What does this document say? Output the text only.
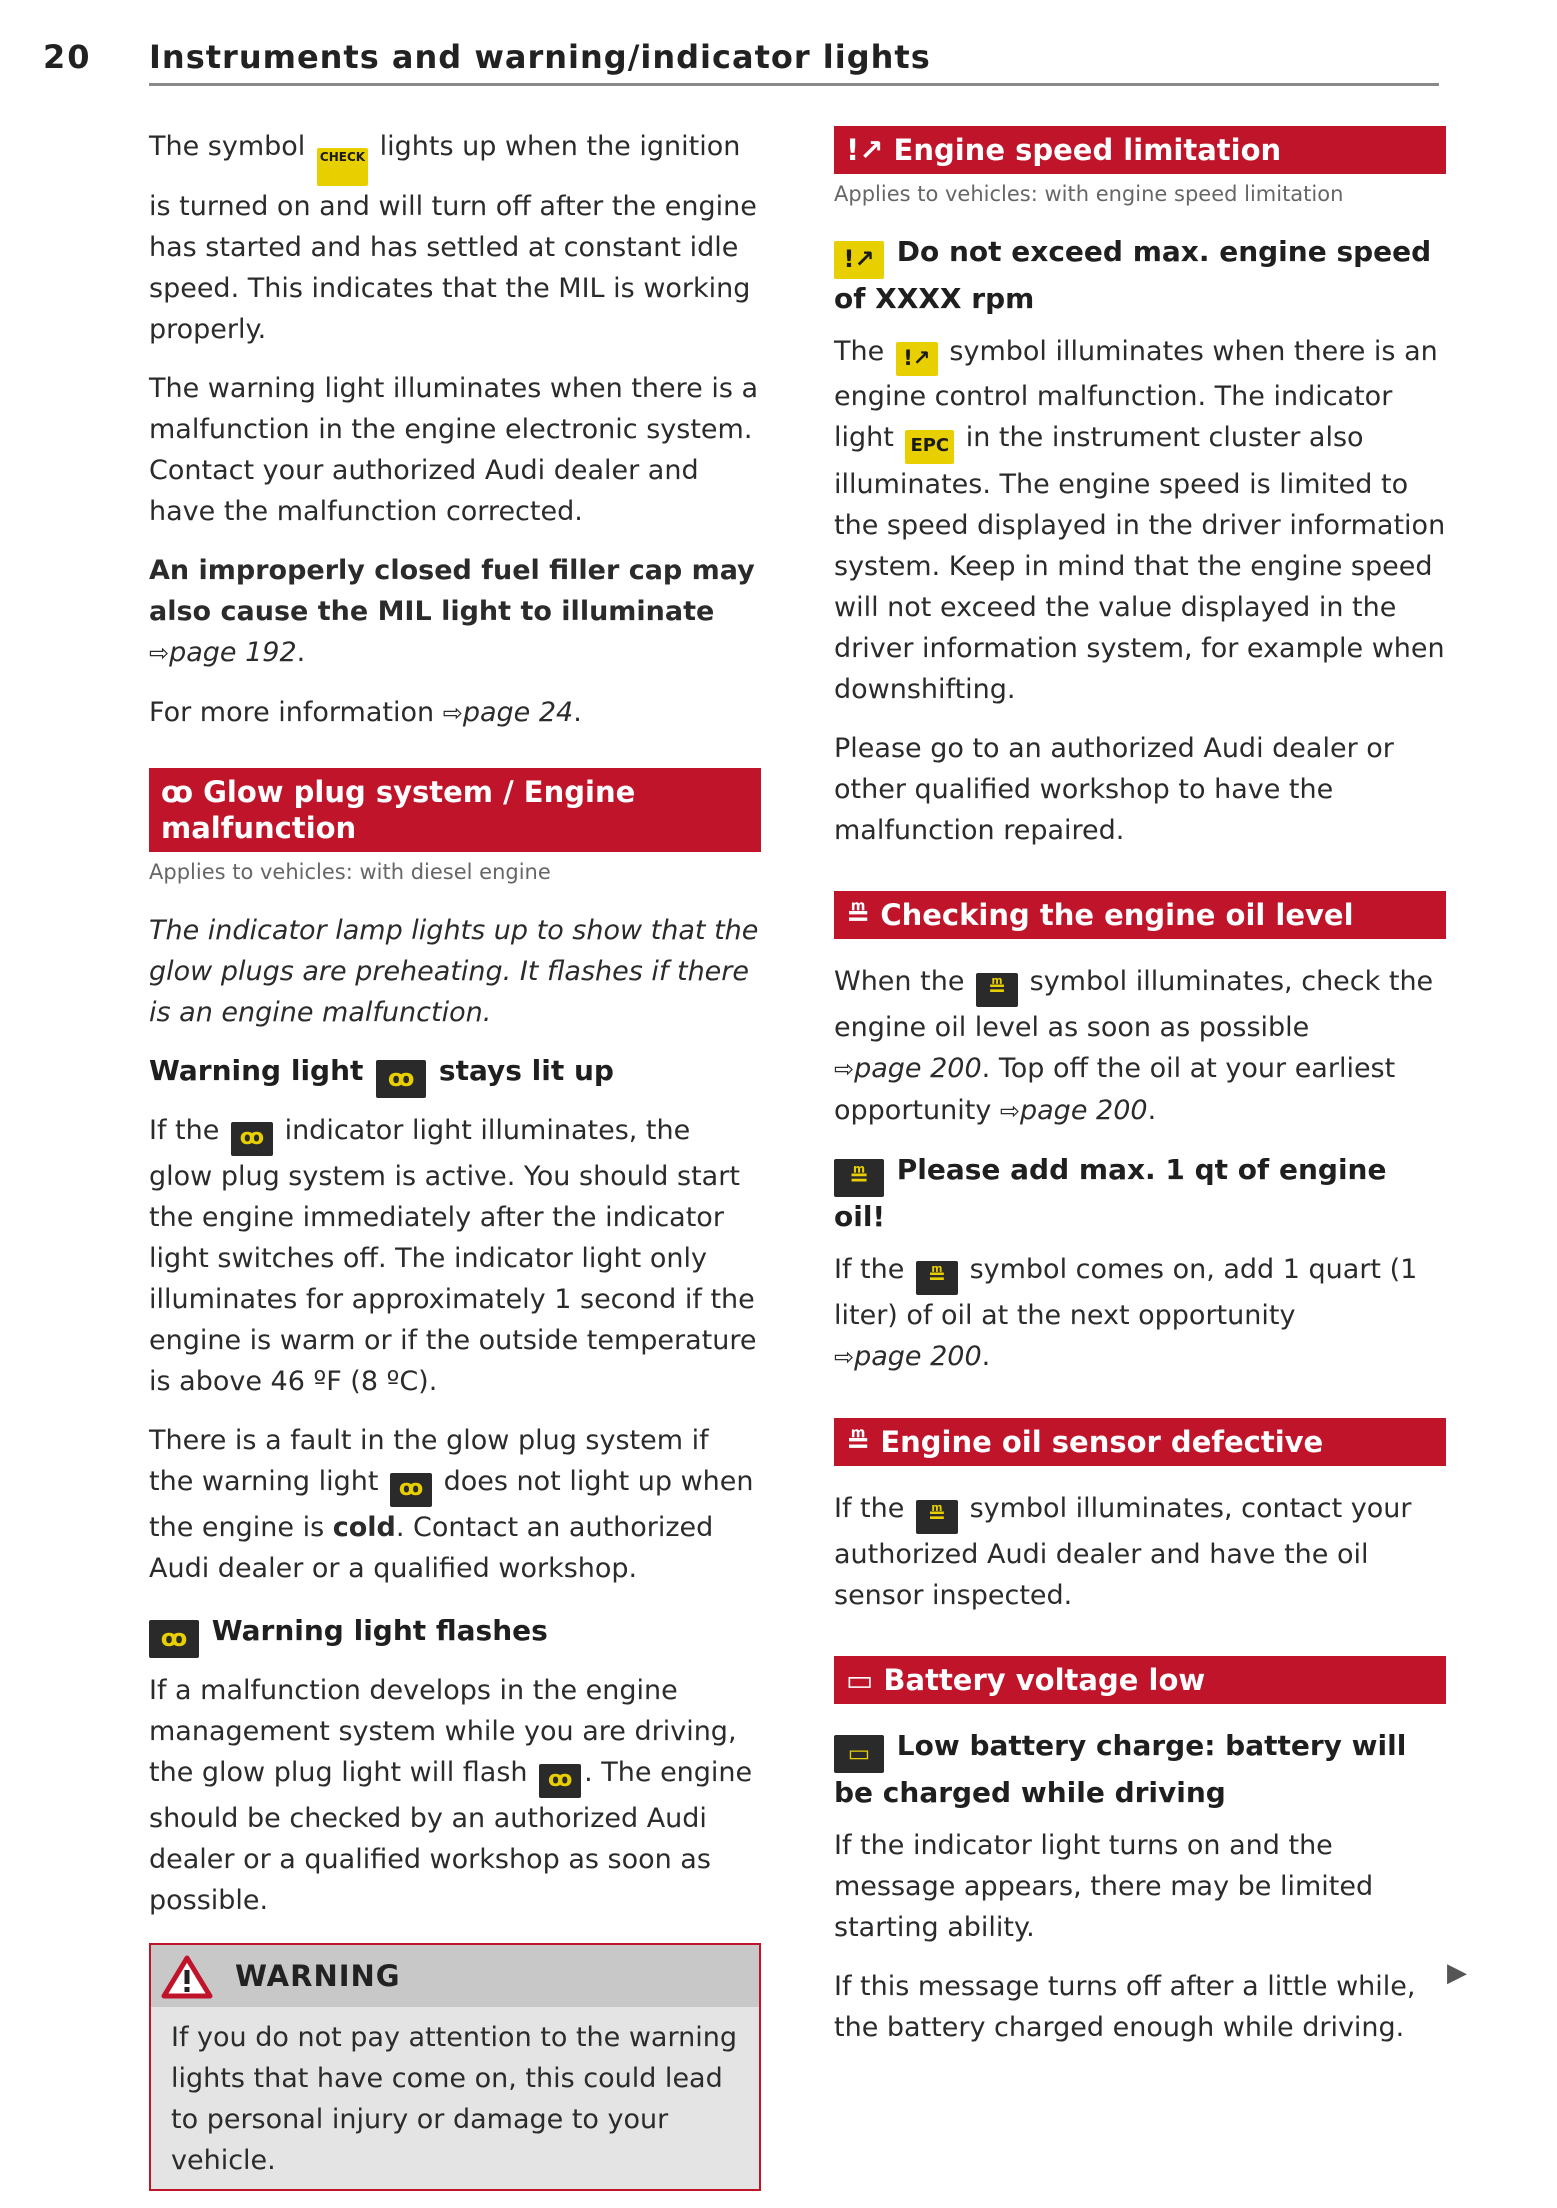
20 Instruments and warning/indicator lights

The symbol CHECK lights up when the ignition is turned on and will turn off after the engine has started and has settled at constant idle speed. This indicates that the MIL is working properly.

The warning light illuminates when there is a malfunction in the engine electronic system. Contact your authorized Audi dealer and have the malfunction corrected.

An improperly closed fuel filler cap may also cause the MIL light to illuminate
⇨page 192.

For more information ⇨page 24.

ꝏ Glow plug system / Engine malfunction
Applies to vehicles: with diesel engine

The indicator lamp lights up to show that the glow plugs are preheating. It flashes if there is an engine malfunction.

Warning light ꝏ stays lit up

If the ꝏ indicator light illuminates, the glow plug system is active. You should start the engine immediately after the indicator light switches off. The indicator light only illuminates for approximately 1 second if the engine is warm or if the outside temperature is above 46 ºF (8 ºC).

There is a fault in the glow plug system if the warning light ꝏ does not light up when the engine is cold. Contact an authorized Audi dealer or a qualified workshop.

ꝏ Warning light flashes

If a malfunction develops in the engine management system while you are driving, the glow plug light will flash ꝏ . The engine should be checked by an authorized Audi dealer or a qualified workshop as soon as possible.

WARNING

If you do not pay attention to the warning lights that have come on, this could lead to personal injury or damage to your vehicle.

!↗ Engine speed limitation
Applies to vehicles: with engine speed limitation
!↗ Do not exceed max. engine speed of XXXX rpm

The !↗ symbol illuminates when there is an engine control malfunction. The indicator light EPC in the instrument cluster also illuminates. The engine speed is limited to the speed displayed in the driver information system. Keep in mind that the engine speed will not exceed the value displayed in the driver information system, for example when downshifting.

Please go to an authorized Audi dealer or other qualified workshop to have the malfunction repaired.

≞ Checking the engine oil level

When the ≞ symbol illuminates, check the engine oil level as soon as possible
⇨page 200. Top off the oil at your earliest opportunity ⇨page 200.

≞ Please add max. 1 qt of engine oil!

If the ≞ symbol comes on, add 1 quart (1 liter) of oil at the next opportunity
⇨page 200.

≞ Engine oil sensor defective

If the ≞ symbol illuminates, contact your authorized Audi dealer and have the oil sensor inspected.

▭ Battery voltage low
▭ Low battery charge: battery will be charged while driving

If the indicator light turns on and the message appears, there may be limited starting ability.

If this message turns off after a little while, the battery charged enough while driving.

▶
